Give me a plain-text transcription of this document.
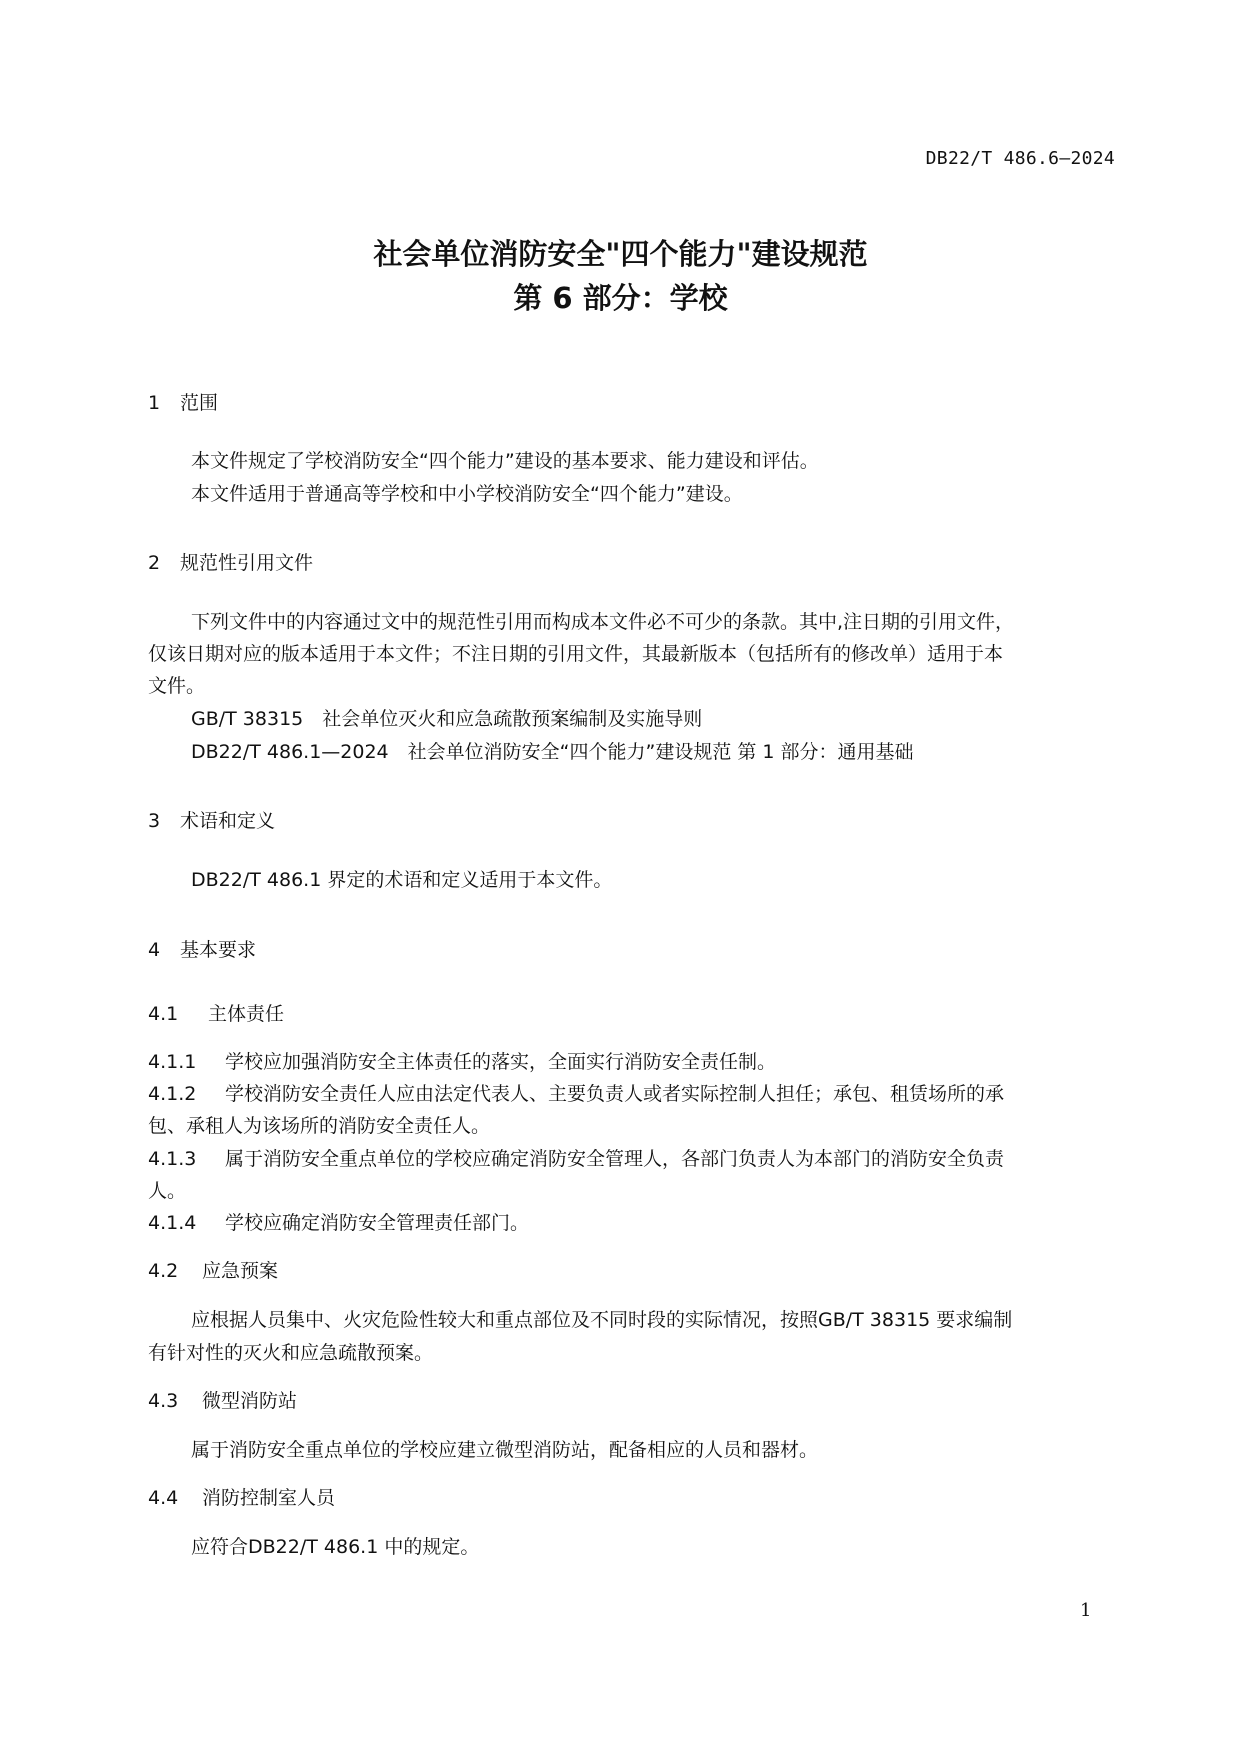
DB22/T 486.6—2024
社会单位消防安全"四个能力"建设规范
第 6 部分：学校
1 范围
本文件规定了学校消防安全“四个能力”建设的基本要求、能力建设和评估。
本文件适用于普通高等学校和中小学校消防安全“四个能力”建设。
2 规范性引用文件
下列文件中的内容通过文中的规范性引用而构成本文件必不可少的条款。其中,注日期的引用文件，
仅该日期对应的版本适用于本文件；不注日期的引用文件，其最新版本（包括所有的修改单）适用于本
文件。
GB/T 38315　社会单位灭火和应急疏散预案编制及实施导则
DB22/T 486.1—2024　社会单位消防安全“四个能力”建设规范 第 1 部分：通用基础
3 术语和定义
DB22/T 486.1 界定的术语和定义适用于本文件。
4 基本要求
4.1 主体责任
4.1.1 学校应加强消防安全主体责任的落实，全面实行消防安全责任制。
4.1.2 学校消防安全责任人应由法定代表人、主要负责人或者实际控制人担任；承包、租赁场所的承
包、承租人为该场所的消防安全责任人。
4.1.3 属于消防安全重点单位的学校应确定消防安全管理人，各部门负责人为本部门的消防安全负责
人。
4.1.4 学校应确定消防安全管理责任部门。
4.2 应急预案
应根据人员集中、火灾危险性较大和重点部位及不同时段的实际情况，按照GB/T 38315 要求编制
有针对性的灭火和应急疏散预案。
4.3 微型消防站
属于消防安全重点单位的学校应建立微型消防站，配备相应的人员和器材。
4.4 消防控制室人员
应符合DB22/T 486.1 中的规定。
1
